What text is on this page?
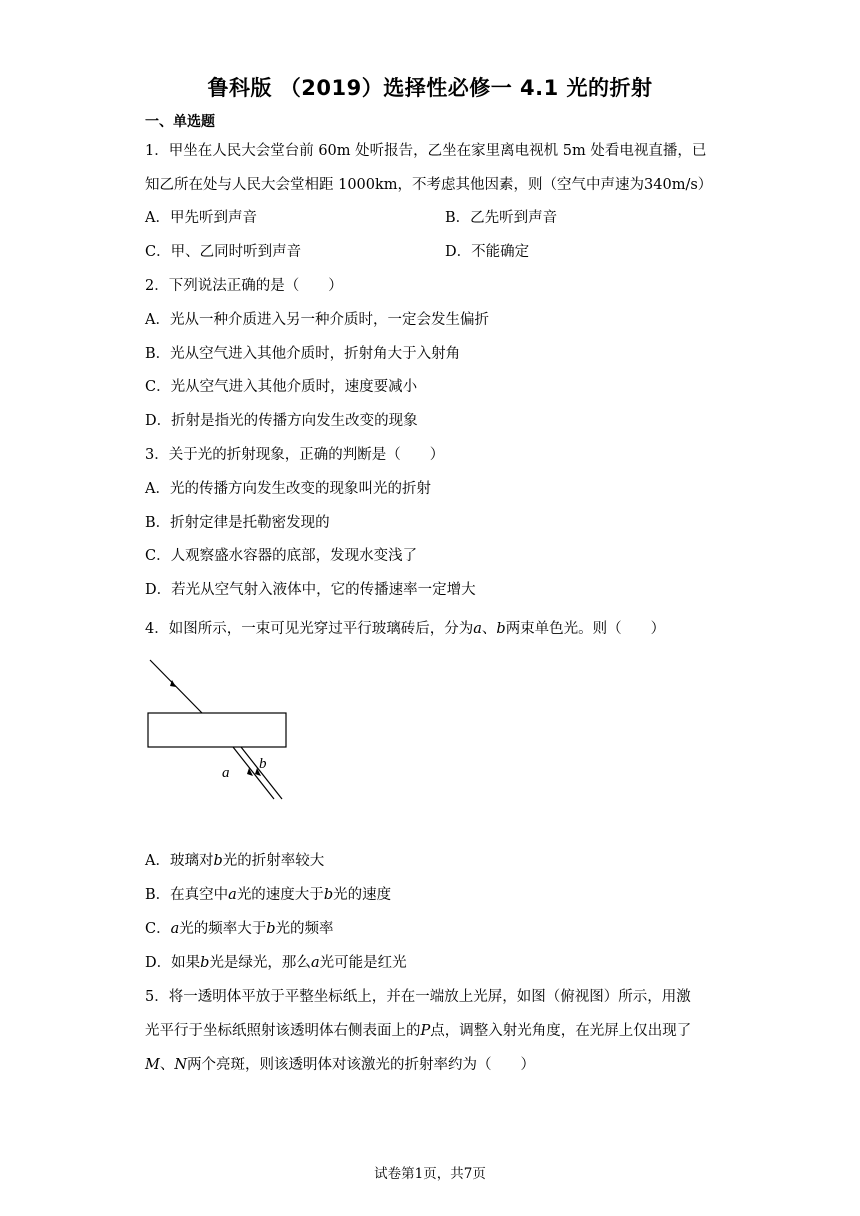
鲁科版 （2019）选择性必修一 4.1 光的折射
一、单选题
1．甲坐在人民大会堂台前 60m 处听报告，乙坐在家里离电视机 5m 处看电视直播，已
知乙所在处与人民大会堂相距 1000km，不考虑其他因素，则（空气中声速为340m/s）
A．甲先听到声音	B．乙先听到声音
C．甲、乙同时听到声音	D．不能确定
2．下列说法正确的是（　　）
A．光从一种介质进入另一种介质时，一定会发生偏折
B．光从空气进入其他介质时，折射角大于入射角
C．光从空气进入其他介质时，速度要减小
D．折射是指光的传播方向发生改变的现象
3．关于光的折射现象，正确的判断是（　　）
A．光的传播方向发生改变的现象叫光的折射
B．折射定律是托勒密发现的
C．人观察盛水容器的底部，发现水变浅了
D．若光从空气射入液体中，它的传播速率一定增大
4．如图所示，一束可见光穿过平行玻璃砖后，分为a、b两束单色光。则（　　）
a
b
A．玻璃对b光的折射率较大
B．在真空中a光的速度大于b光的速度
C．a光的频率大于b光的频率
D．如果b光是绿光，那么a光可能是红光
5．将一透明体平放于平整坐标纸上，并在一端放上光屏，如图（俯视图）所示，用激
光平行于坐标纸照射该透明体右侧表面上的P点，调整入射光角度，在光屏上仅出现了
M、N两个亮斑，则该透明体对该激光的折射率约为（　　）
试卷第1页，共7页
